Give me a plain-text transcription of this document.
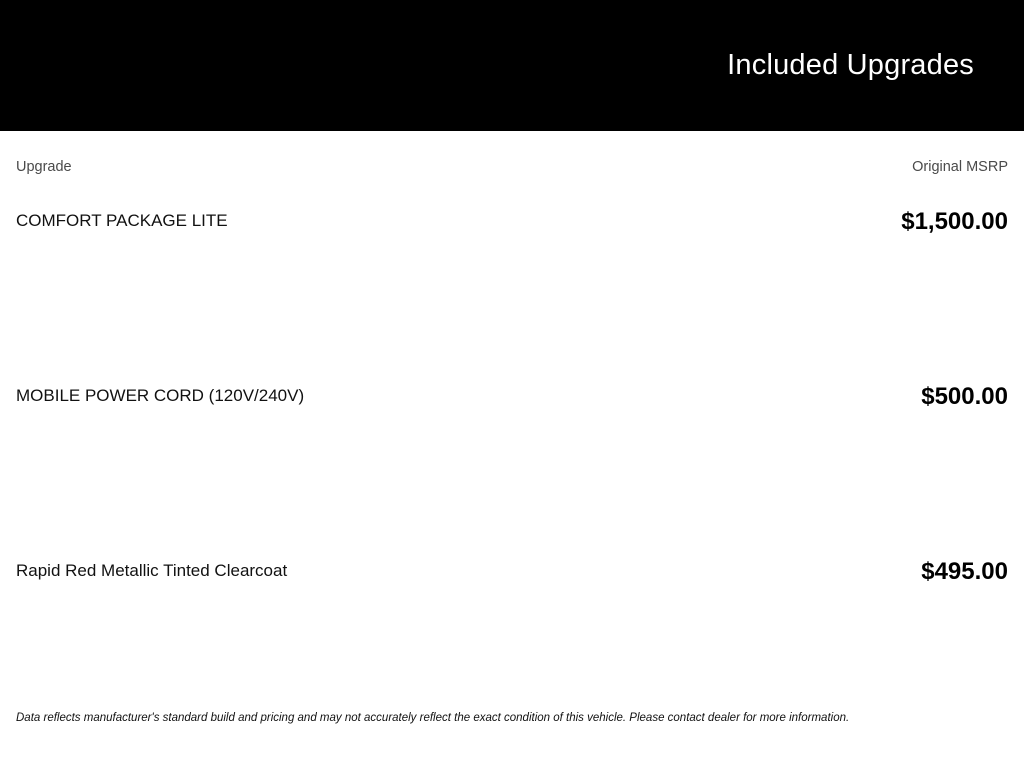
Included Upgrades
Upgrade	Original MSRP
COMFORT PACKAGE LITE	$1,500.00
MOBILE POWER CORD (120V/240V)	$500.00
Rapid Red Metallic Tinted Clearcoat	$495.00
Data reflects manufacturer's standard build and pricing and may not accurately reflect the exact condition of this vehicle. Please contact dealer for more information.
